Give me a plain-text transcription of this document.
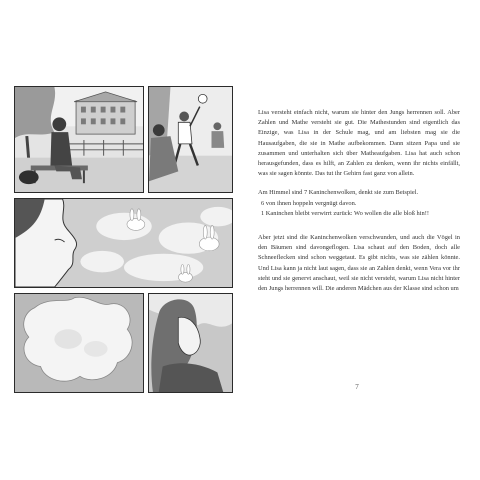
Lisa versteht einfach nicht, warum sie hinter den Jungs herrennen soll. Aber Zahlen und Mathe versteht sie gut. Die Mathestunden sind eigentlich das Einzige, was Lisa in der Schule mag, und am liebsten mag sie die Hausaufgaben, die sie in Mathe aufbekommen. Dann sitzen Papa und sie zusammen und unterhalten sich über Matheaufgaben. Lisa hat auch schon herausgefunden, dass es hilft, an Zahlen zu denken, wenn ihr nichts einfällt, was sie sagen könnte. Das tut ihr Gehirn fast ganz von allein.

Am Himmel sind 7 Kaninchenwolken, denkt sie zum Beispiel.

6 von ihnen hoppeln vergnügt davon.
1 Kaninchen bleibt verwirrt zurück: Wo wollen die alle bloß hin!!

Aber jetzt sind die Kaninchenwolken verschwunden, und auch die Vögel in den Bäumen sind davongeflogen. Lisa schaut auf den Boden, doch alle Schneeflecken sind schon weggetaut. Es gibt nichts, was sie zählen könnte. Und Lisa kann ja nicht laut sagen, dass sie an Zahlen denkt, wenn Vera vor ihr steht und sie genervt anschaut, weil sie nicht versteht, warum Lisa nicht hinter den Jungs herrennen will. Die anderen Mädchen aus der Klasse sind schon um

7
